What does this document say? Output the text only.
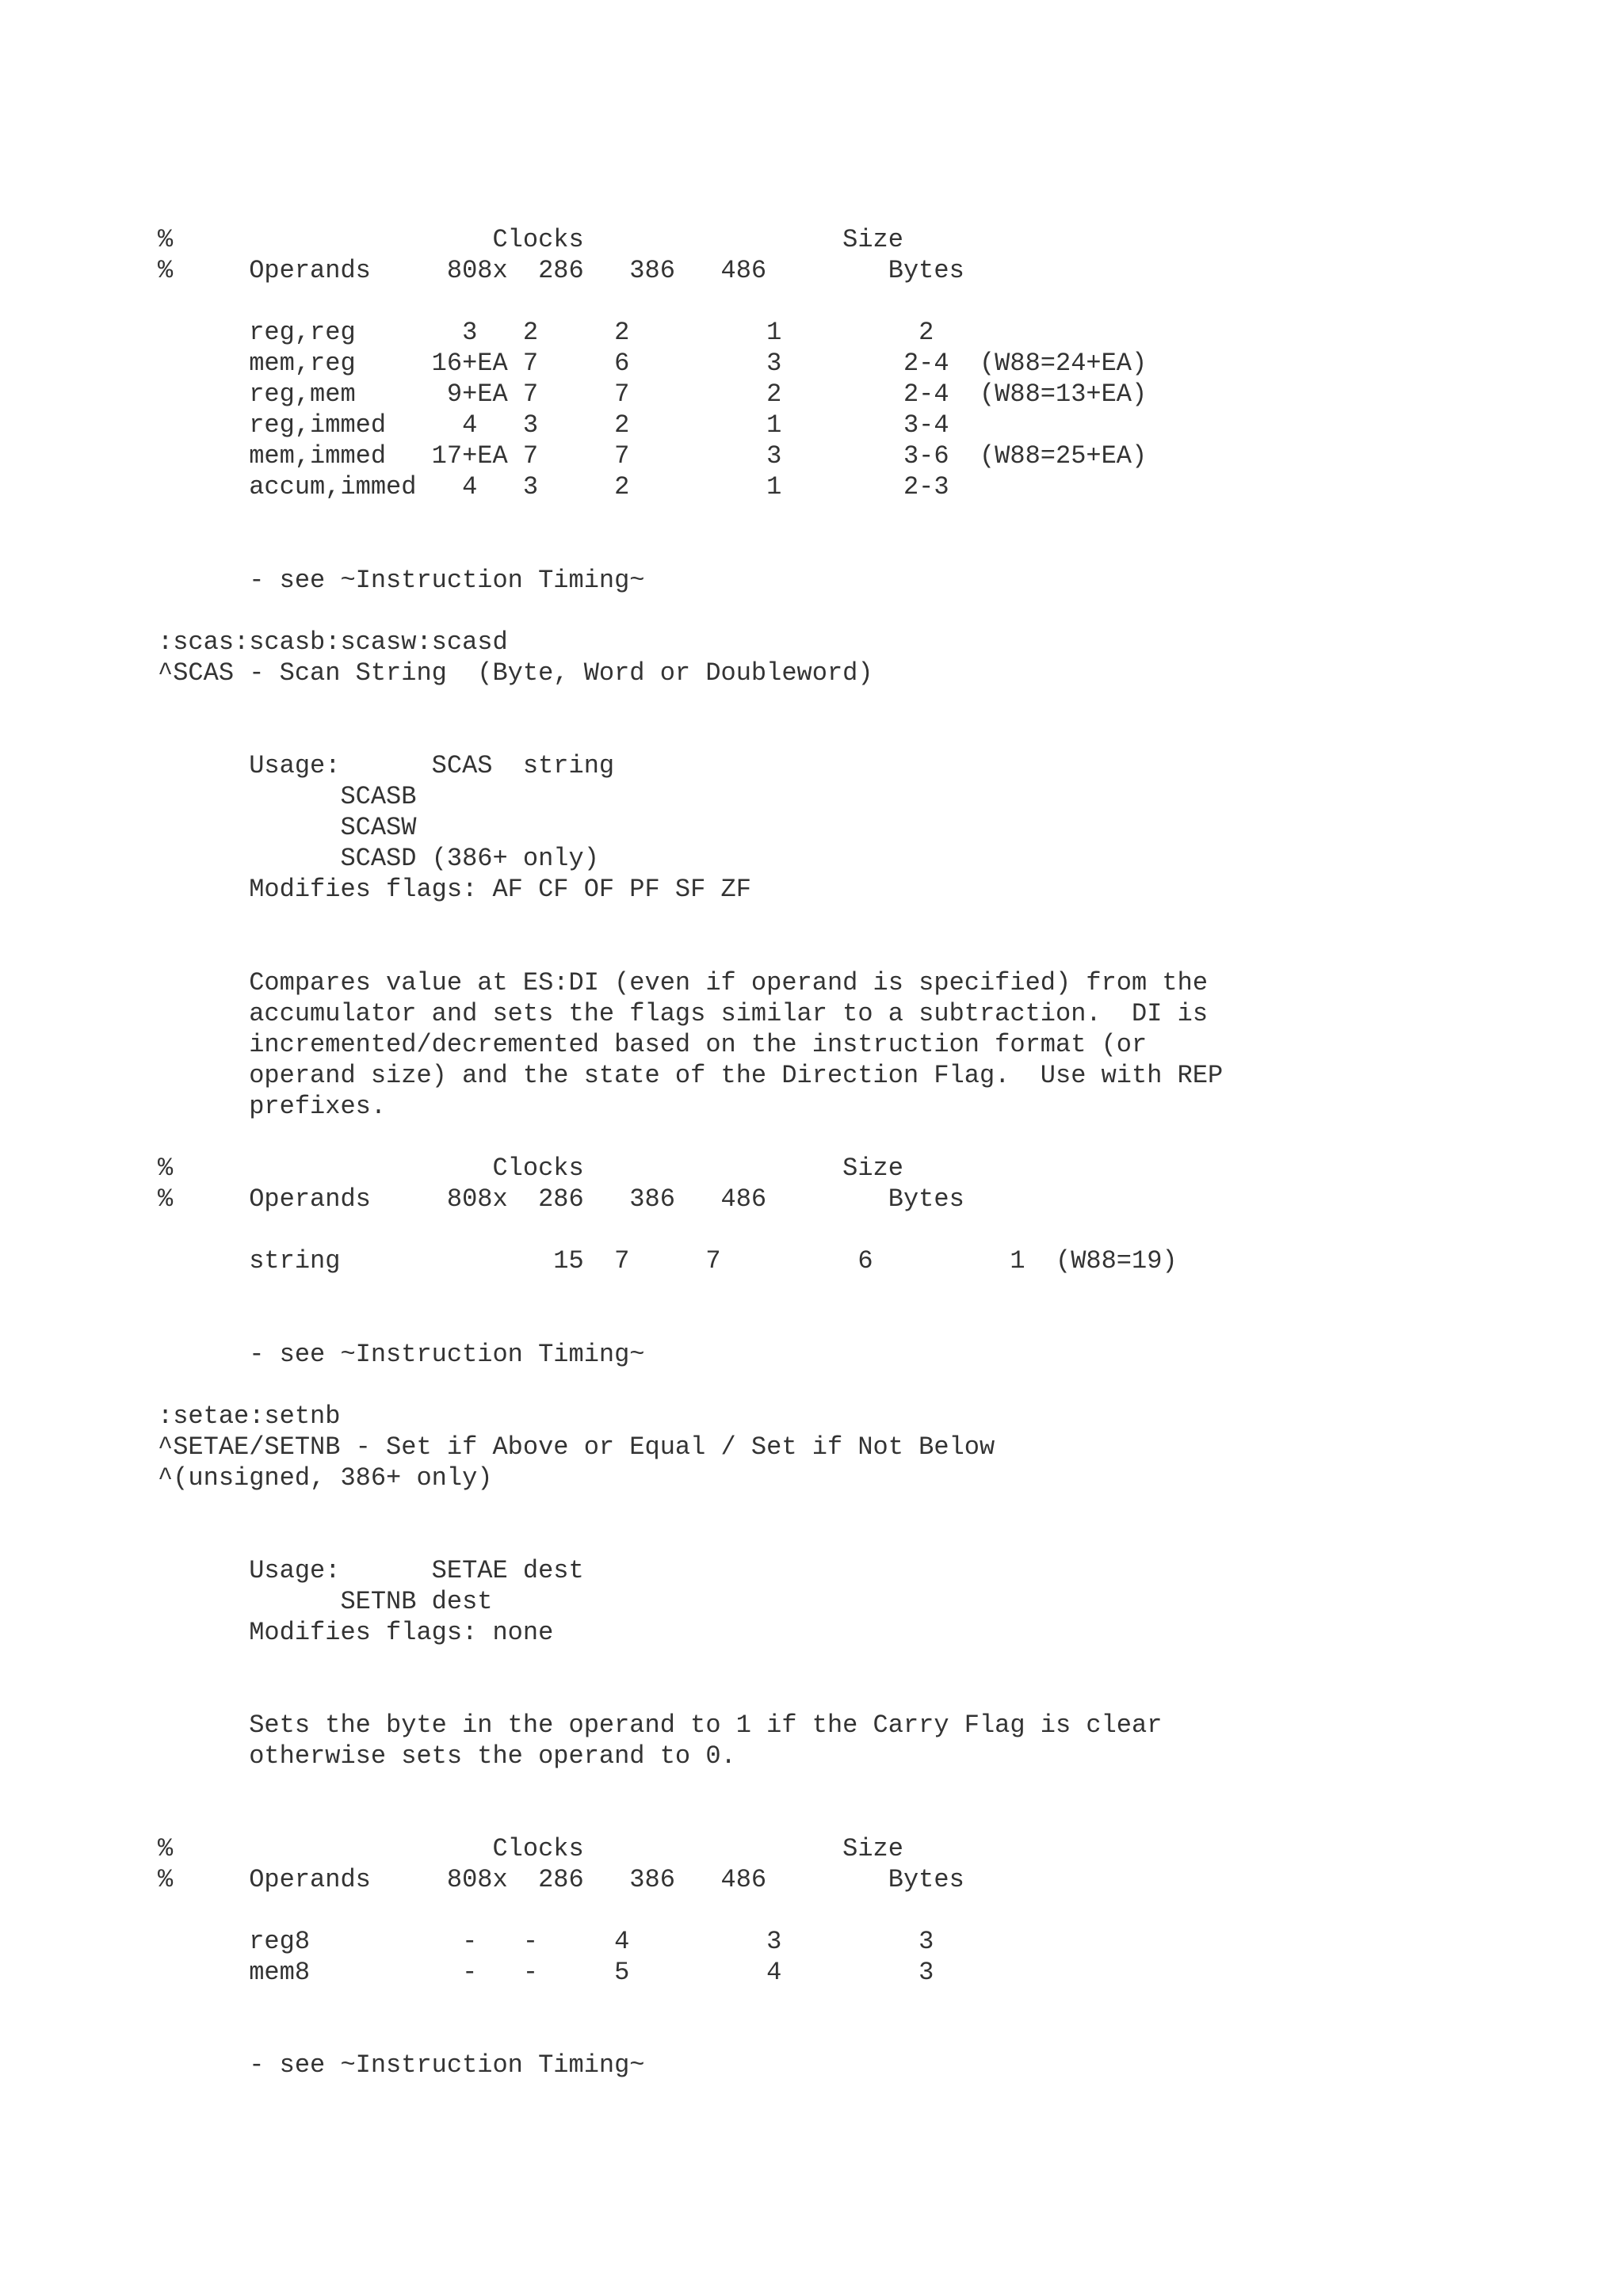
%                     Clocks                 Size
%     Operands     808x  286   386   486        Bytes
reg,reg       3   2     2         1         2
mem,reg     16+EA 7     6         3        2-4  (W88=24+EA)
reg,mem      9+EA 7     7         2        2-4  (W88=13+EA)
reg,immed     4   3     2         1        3-4
mem,immed   17+EA 7     7         3        3-6  (W88=25+EA)
accum,immed   4   3     2         1        2-3
- see ~Instruction Timing~
:scas:scasb:scasw:scasd
^SCAS - Scan String  (Byte, Word or Doubleword)
Usage:      SCAS  string
SCASB
SCASW
SCASD (386+ only)
Modifies flags: AF CF OF PF SF ZF
Compares value at ES:DI (even if operand is specified) from the
accumulator and sets the flags similar to a subtraction.  DI is
incremented/decremented based on the instruction format (or
operand size) and the state of the Direction Flag.  Use with REP
prefixes.
%                     Clocks                 Size
%     Operands     808x  286   386   486        Bytes
string              15  7     7         6         1  (W88=19)
- see ~Instruction Timing~
:setae:setnb
^SETAE/SETNB - Set if Above or Equal / Set if Not Below
^(unsigned, 386+ only)
Usage:      SETAE dest
SETNB dest
Modifies flags: none
Sets the byte in the operand to 1 if the Carry Flag is clear
otherwise sets the operand to 0.
%                     Clocks                 Size
%     Operands     808x  286   386   486        Bytes
reg8          -   -     4         3         3
mem8          -   -     5         4         3
- see ~Instruction Timing~
